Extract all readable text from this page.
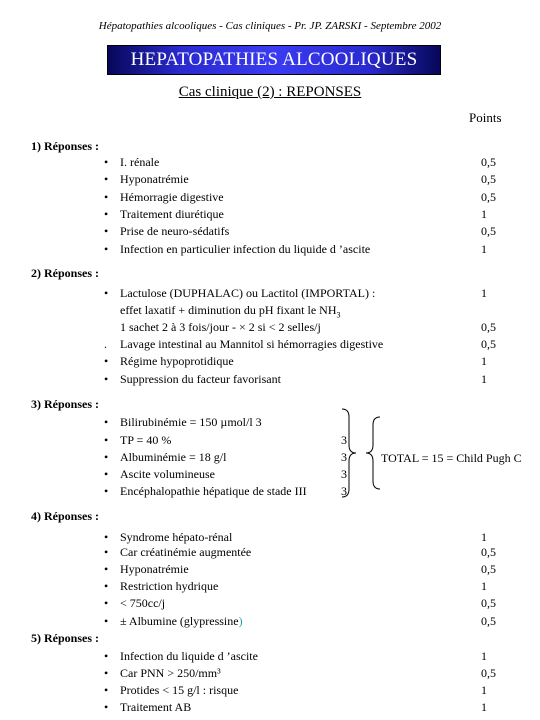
Hépatopathies alcooliques - Cas cliniques - Pr. JP. ZARSKI - Septembre 2002
HEPATOPATHIES ALCOOLIQUES
Cas clinique (2) : REPONSES
Points
1) Réponses :
• I. rénale	0,5
• Hyponatrémie	0,5
• Hémorragie digestive	0,5
• Traitement diurétique	1
• Prise de neuro-sédatifs	0,5
• Infection en particulier infection du liquide d ’ascite	1
2) Réponses :
• Lactulose (DUPHALAC) ou Lactitol (IMPORTAL) :	1
effet laxatif + diminution du pH fixant le $NH_3$
1 sachet 2 à 3 fois/jour - × 2 si < 2 selles/j	0,5
. Lavage intestinal au Mannitol si hémorragies digestive	0,5
• Régime hypoprotidique	1
• Suppression du facteur favorisant	1
3) Réponses :
• Bilirubinémie = 150 µmol/l 3
• TP = 40 %	3
• Albuminémie = 18 g/l	3
• Ascite volumineuse	3
• Encéphalopathie hépatique de stade III	3
TOTAL = 15 = Child Pugh C
4) Réponses :
• Syndrome hépato-rénal	1
• Car créatinémie augmentée	0,5
• Hyponatrémie	0,5
• Restriction hydrique	1
• < 750cc/j	0,5
• ± Albumine (glypressine)	0,5
5) Réponses :
• Infection du liquide d ’ascite	1
• Car PNN > 250/mm³	0,5
• Protides < 15 g/l : risque	1
• Traitement AB	1
